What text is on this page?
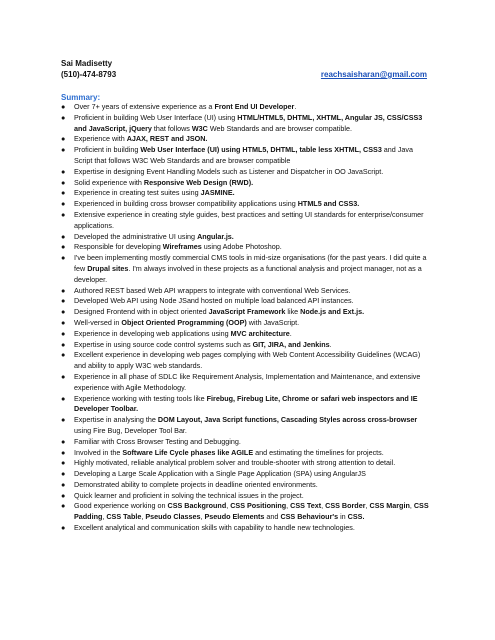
Sai Madisetty
(510)-474-8793	reachsaisharan@gmail.com
Summary:
●	Over 7+ years of extensive experience as a Front End UI Developer.
●	Proficient in building Web User Interface (UI) using HTML/HTML5, DHTML, XHTML, Angular JS, CSS/CSS3 and JavaScript, jQuery that follows W3C Web Standards and are browser compatible.
●	Experience with AJAX, REST and JSON.
●	Proficient in building Web User Interface (UI) using HTML5, DHTML, table less XHTML, CSS3 and Java Script that follows W3C Web Standards and are browser compatible
●	Expertise in designing Event Handling Models such as Listener and Dispatcher in OO JavaScript.
●	Solid experience with Responsive Web Design (RWD).
●	Experience in creating test suites using JASMINE.
●	Experienced in building cross browser compatibility applications using HTML5 and CSS3.
●	Extensive experience in creating style guides, best practices and setting UI standards for enterprise/consumer applications.
●	Developed the administrative UI using Angular.js.
●	Responsible for developing Wireframes using Adobe Photoshop.
●	I've been implementing mostly commercial CMS tools in mid-size organisations (for the past years. I did quite a few Drupal sites. I'm always involved in these projects as a functional analysis and project manager, not as a developer.
●	Authored REST based Web API wrappers to integrate with conventional Web Services.
●	Developed Web API using Node JSand hosted on multiple load balanced API instances.
●	Designed Frontend with in object oriented JavaScript Framework like Node.js and Ext.js.
●	Well-versed in Object Oriented Programming (OOP) with JavaScript.
●	Experience in developing web applications using MVC architecture.
●	Expertise in using source code control systems such as GIT, JIRA, and Jenkins.
●	Excellent experience in developing web pages complying with Web Content Accessibility Guidelines (WCAG) and ability to apply W3C web standards.
●	Experience in all phase of SDLC like Requirement Analysis, Implementation and Maintenance, and extensive experience with Agile Methodology.
●	Experience working with testing tools like Firebug, Firebug Lite, Chrome or safari web inspectors and IE Developer Toolbar.
●	Expertise in analysing the DOM Layout, Java Script functions, Cascading Styles across cross-browser using Fire Bug, Developer Tool Bar.
●	Familiar with Cross Browser Testing and Debugging.
●	Involved in the Software Life Cycle phases like AGILE and estimating the timelines for projects.
●	Highly motivated, reliable analytical problem solver and trouble-shooter with strong attention to detail.
●	Developing a Large Scale Application with a Single Page Application (SPA) using AngularJS
●	Demonstrated ability to complete projects in deadline oriented environments.
●	Quick learner and proficient in solving the technical issues in the project.
●	Good experience working on CSS Background, CSS Positioning, CSS Text, CSS Border, CSS Margin, CSS Padding, CSS Table, Pseudo Classes, Pseudo Elements and CSS Behaviour's in CSS.
●	Excellent analytical and communication skills with capability to handle new technologies.
